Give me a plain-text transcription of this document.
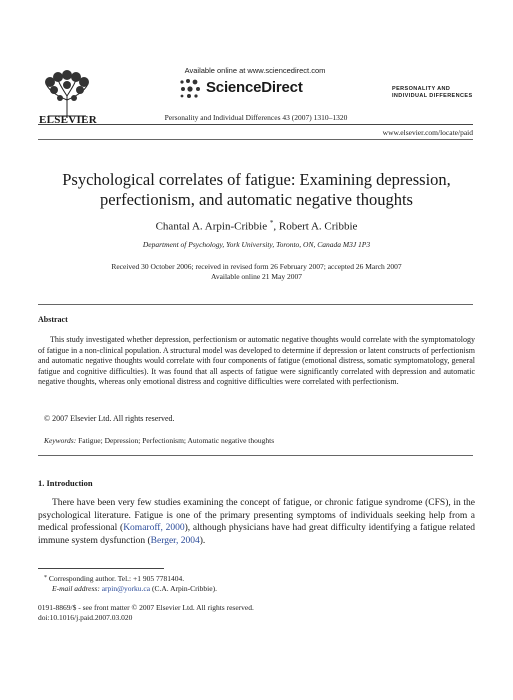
ELSEVIER
Available online at www.sciencedirect.com
ScienceDirect
Personality and Individual Differences 43 (2007) 1310–1320
PERSONALITY AND
INDIVIDUAL DIFFERENCES
www.elsevier.com/locate/paid
Psychological correlates of fatigue: Examining depression,
perfectionism, and automatic negative thoughts
Chantal A. Arpin-Cribbie *, Robert A. Cribbie
Department of Psychology, York University, Toronto, ON, Canada M3J 1P3
Received 30 October 2006; received in revised form 26 February 2007; accepted 26 March 2007
Available online 21 May 2007
Abstract
This study investigated whether depression, perfectionism or automatic negative thoughts would correlate with the symptomatology of fatigue in a non-clinical population. A structural model was developed to determine if depression or latent constructs of perfectionism and automatic negative thoughts would correlate with four components of fatigue (emotional distress, somatic symptomatology, general fatigue and cognitive difficulties). It was found that all aspects of fatigue were significantly correlated with depression and automatic negative thoughts, whereas only emotional distress and cognitive difficulties were correlated with perfectionism.
© 2007 Elsevier Ltd. All rights reserved.
Keywords: Fatigue; Depression; Perfectionism; Automatic negative thoughts
1. Introduction
There have been very few studies examining the concept of fatigue, or chronic fatigue syndrome (CFS), in the psychological literature. Fatigue is one of the primary presenting symptoms of individuals seeking help from a medical professional (Komaroff, 2000), although physicians have had great difficulty identifying a fatigue related immune system dysfunction (Berger, 2004).
* Corresponding author. Tel.: +1 905 7781404.
E-mail address: arpin@yorku.ca (C.A. Arpin-Cribbie).
0191-8869/$ - see front matter © 2007 Elsevier Ltd. All rights reserved.
doi:10.1016/j.paid.2007.03.020
